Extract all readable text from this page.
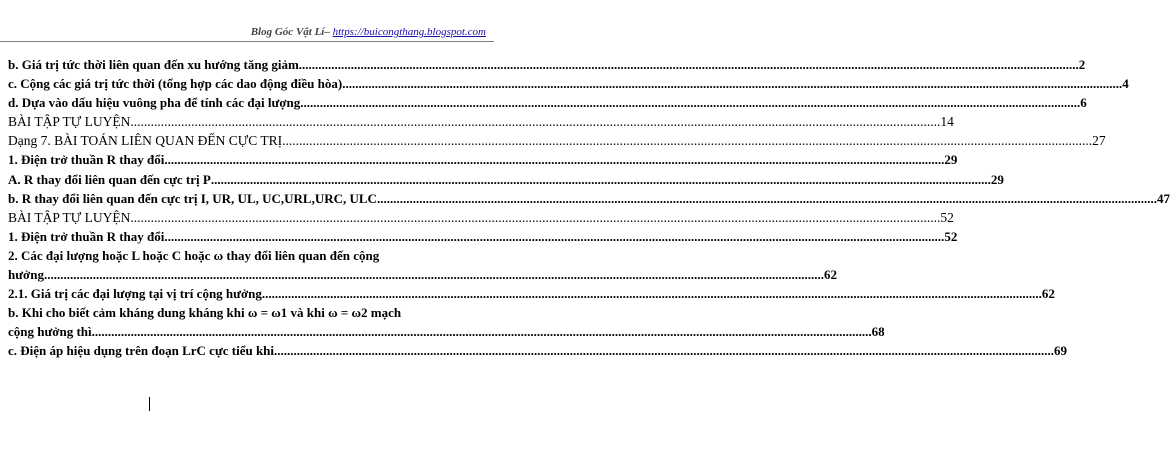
Blog Góc Vật Lí– https://buicongthang.blogspot.com
b. Giá trị tức thời liên quan đến xu hướng tăng giảm .....	2
c. Cộng các giá trị tức thời (tổng hợp các dao động điều hòa) .....	4
d. Dựa vào dấu hiệu vuông pha để tính các đại lượng .....	6
BÀI TẬP TỰ LUYỆN .....	14
Dạng 7. BÀI TOÁN LIÊN QUAN ĐẾN CỰC TRỊ .....	27
1. Điện trở thuần R thay đổi .....	29
A. R thay đổi liên quan đến cực trị P .....	29
b. R thay đổi liên quan đến cực trị I, UR, UL, UC,URL,URC, ULC .....	47
BÀI TẬP TỰ LUYỆN .....	52
1. Điện trở thuần R thay đổi .....	52
2. Các đại lượng hoặc L hoặc C hoặc ω thay đổi liên quan đến cộng
hưởng .....	62
2.1. Giá trị các đại lượng tại vị trí cộng hưởng .....	62
b. Khi cho biết cảm kháng dung kháng khi ω = ω1 và khi ω = ω2 mạch
cộng hưởng thì .....	68
c. Điện áp hiệu dụng trên đoạn LrC cực tiểu khi .....	69
